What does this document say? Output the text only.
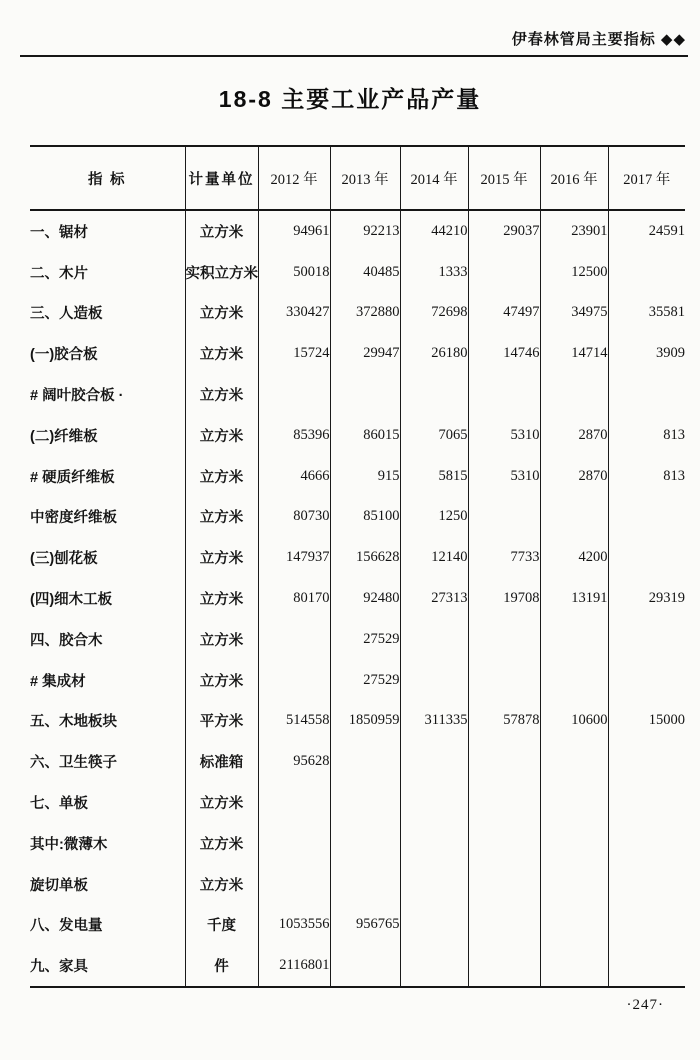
伊春林管局主要指标 ◆◆
18-8 主要工业产品产量
指 标	计量单位	2012 年	2013 年	2014 年	2015 年	2016 年	2017 年
一、锯材	立方米	94961	92213	44210	29037	23901	24591
二、木片	实积立方米	50018	40485	1333		12500	
三、人造板	立方米	330427	372880	72698	47497	34975	35581
(一)胶合板	立方米	15724	29947	26180	14746	14714	3909
# 阔叶胶合板 ·	立方米						
(二)纤维板	立方米	85396	86015	7065	5310	2870	813
# 硬质纤维板	立方米	4666	915	5815	5310	2870	813
中密度纤维板	立方米	80730	85100	1250			
(三)刨花板	立方米	147937	156628	12140	7733	4200	
(四)细木工板	立方米	80170	92480	27313	19708	13191	29319
四、胶合木	立方米		27529				
# 集成材	立方米		27529				
五、木地板块	平方米	514558	1850959	311335	57878	10600	15000
六、卫生筷子	标准箱	95628					
七、单板	立方米						
其中:微薄木	立方米						
旋切单板	立方米						
八、发电量	千度	1053556	956765				
九、家具	件	2116801					
·247·
